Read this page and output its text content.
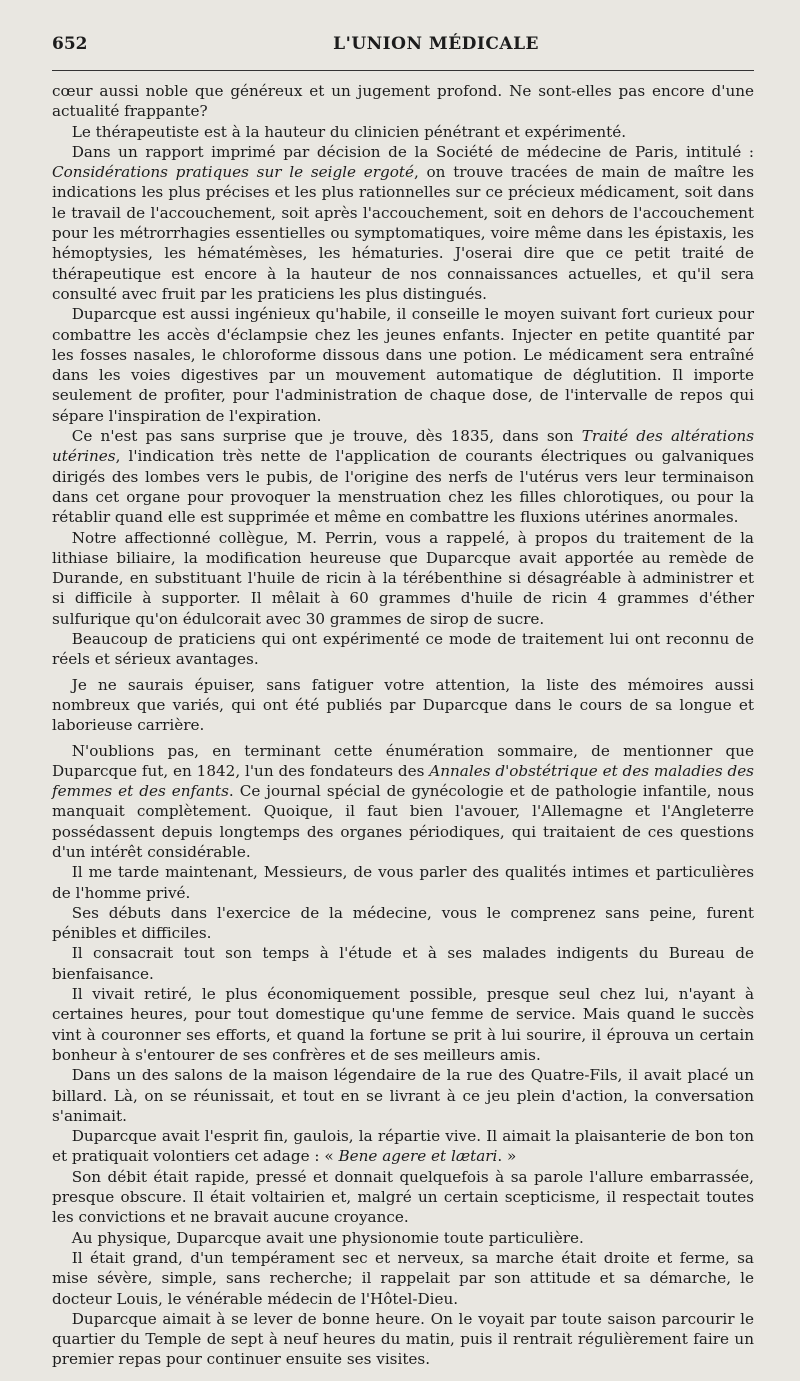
652	L'UNION MÉDICALE

cœur aussi noble que généreux et un jugement profond. Ne sont-elles pas encore d'une actualité frappante?

Le thérapeutiste est à la hauteur du clinicien pénétrant et expérimenté.

Dans un rapport imprimé par décision de la Société de médecine de Paris, intitulé : Considérations pratiques sur le seigle ergoté, on trouve tracées de main de maître les indications les plus précises et les plus rationnelles sur ce précieux médicament, soit dans le travail de l'accouchement, soit après l'accouchement, soit en dehors de l'accouchement pour les métrorrhagies essentielles ou symptomatiques, voire même dans les épistaxis, les hémoptysies, les hématémèses, les hématuries. J'oserai dire que ce petit traité de thérapeutique est encore à la hauteur de nos connaissances actuelles, et qu'il sera consulté avec fruit par les praticiens les plus distingués.

Duparcque est aussi ingénieux qu'habile, il conseille le moyen suivant fort curieux pour combattre les accès d'éclampsie chez les jeunes enfants. Injecter en petite quantité par les fosses nasales, le chloroforme dissous dans une potion. Le médicament sera entraîné dans les voies digestives par un mouvement automatique de déglutition. Il importe seulement de profiter, pour l'administration de chaque dose, de l'intervalle de repos qui sépare l'inspiration de l'expiration.

Ce n'est pas sans surprise que je trouve, dès 1835, dans son Traité des altérations utérines, l'indication très nette de l'application de courants électriques ou galvaniques dirigés des lombes vers le pubis, de l'origine des nerfs de l'utérus vers leur terminaison dans cet organe pour provoquer la menstruation chez les filles chlorotiques, ou pour la rétablir quand elle est supprimée et même en combattre les fluxions utérines anormales.

Notre affectionné collègue, M. Perrin, vous a rappelé, à propos du traitement de la lithiase biliaire, la modification heureuse que Duparcque avait apportée au remède de Durande, en substituant l'huile de ricin à la térébenthine si désagréable à administrer et si difficile à supporter. Il mêlait à 60 grammes d'huile de ricin 4 grammes d'éther sulfurique qu'on édulcorait avec 30 grammes de sirop de sucre.

Beaucoup de praticiens qui ont expérimenté ce mode de traitement lui ont reconnu de réels et sérieux avantages.

Je ne saurais épuiser, sans fatiguer votre attention, la liste des mémoires aussi nombreux que variés, qui ont été publiés par Duparcque dans le cours de sa longue et laborieuse carrière.

N'oublions pas, en terminant cette énumération sommaire, de mentionner que Duparcque fut, en 1842, l'un des fondateurs des Annales d'obstétrique et des maladies des femmes et des enfants. Ce journal spécial de gynécologie et de pathologie infantile, nous manquait complètement. Quoique, il faut bien l'avouer, l'Allemagne et l'Angleterre possédassent depuis longtemps des organes périodiques, qui traitaient de ces questions d'un intérêt considérable.

Il me tarde maintenant, Messieurs, de vous parler des qualités intimes et particulières de l'homme privé.

Ses débuts dans l'exercice de la médecine, vous le comprenez sans peine, furent pénibles et difficiles.

Il consacrait tout son temps à l'étude et à ses malades indigents du Bureau de bienfaisance.

Il vivait retiré, le plus économiquement possible, presque seul chez lui, n'ayant à certaines heures, pour tout domestique qu'une femme de service. Mais quand le succès vint à couronner ses efforts, et quand la fortune se prit à lui sourire, il éprouva un certain bonheur à s'entourer de ses confrères et de ses meilleurs amis.

Dans un des salons de la maison légendaire de la rue des Quatre-Fils, il avait placé un billard. Là, on se réunissait, et tout en se livrant à ce jeu plein d'action, la conversation s'animait.

Duparcque avait l'esprit fin, gaulois, la répartie vive. Il aimait la plaisanterie de bon ton et pratiquait volontiers cet adage : « Bene agere et lætari. »

Son débit était rapide, pressé et donnait quelquefois à sa parole l'allure embarrassée, presque obscure. Il était voltairien et, malgré un certain scepticisme, il respectait toutes les convictions et ne bravait aucune croyance.

Au physique, Duparcque avait une physionomie toute particulière.

Il était grand, d'un tempérament sec et nerveux, sa marche était droite et ferme, sa mise sévère, simple, sans recherche; il rappelait par son attitude et sa démarche, le docteur Louis, le vénérable médecin de l'Hôtel-Dieu.

Duparcque aimait à se lever de bonne heure. On le voyait par toute saison parcourir le quartier du Temple de sept à neuf heures du matin, puis il rentrait régulièrement faire un premier repas pour continuer ensuite ses visites.
